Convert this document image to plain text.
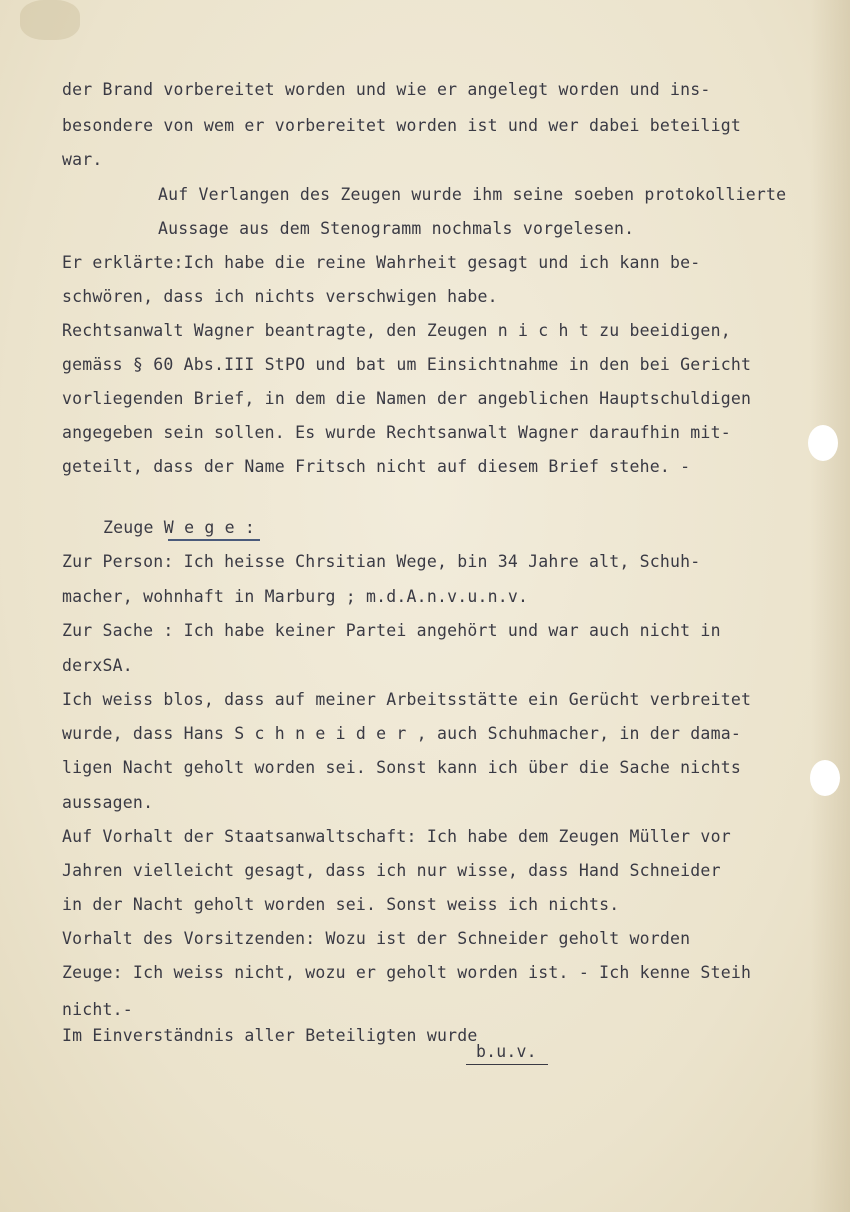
der Brand vorbereitet worden und wie er angelegt worden und ins-
besondere von wem er vorbereitet worden ist und wer dabei beteiligt
war.
Auf Verlangen des Zeugen wurde ihm seine soeben protokollierte
Aussage aus dem Stenogramm nochmals vorgelesen.
Er erklärte:Ich habe die reine Wahrheit gesagt und ich kann be-
schwören, dass ich nichts verschwigen habe.
Rechtsanwalt Wagner beantragte, den Zeugen n i c h t zu beeidigen,
gemäss § 60 Abs.III StPO und bat um Einsichtnahme in den bei Gericht
vorliegenden Brief, in dem die Namen der angeblichen Hauptschuldigen
angegeben sein sollen. Es wurde Rechtsanwalt Wagner daraufhin mit-
geteilt, dass der Name Fritsch nicht auf diesem Brief stehe. -
Zeuge W e g e :
Zur Person: Ich heisse Chrsitian Wege, bin 34 Jahre alt, Schuh-
macher, wohnhaft in Marburg ; m.d.A.n.v.u.n.v.
Zur Sache : Ich habe keiner Partei angehört und war auch nicht in
derxSA.
Ich weiss blos, dass auf meiner Arbeitsstätte ein Gerücht verbreitet
wurde, dass Hans S c h n e i d e r , auch Schuhmacher, in der dama-
ligen Nacht geholt worden sei. Sonst kann ich über die Sache nichts
aussagen.
Auf Vorhalt der Staatsanwaltschaft: Ich habe dem Zeugen Müller vor
Jahren vielleicht gesagt, dass ich nur wisse, dass Hand Schneider
in der Nacht geholt worden sei. Sonst weiss ich nichts.
Vorhalt des Vorsitzenden: Wozu ist der Schneider geholt worden
Zeuge: Ich weiss nicht, wozu er geholt worden ist. - Ich kenne Steih
nicht.-
Im Einverständnis aller Beteiligten wurde
b.u.v.
